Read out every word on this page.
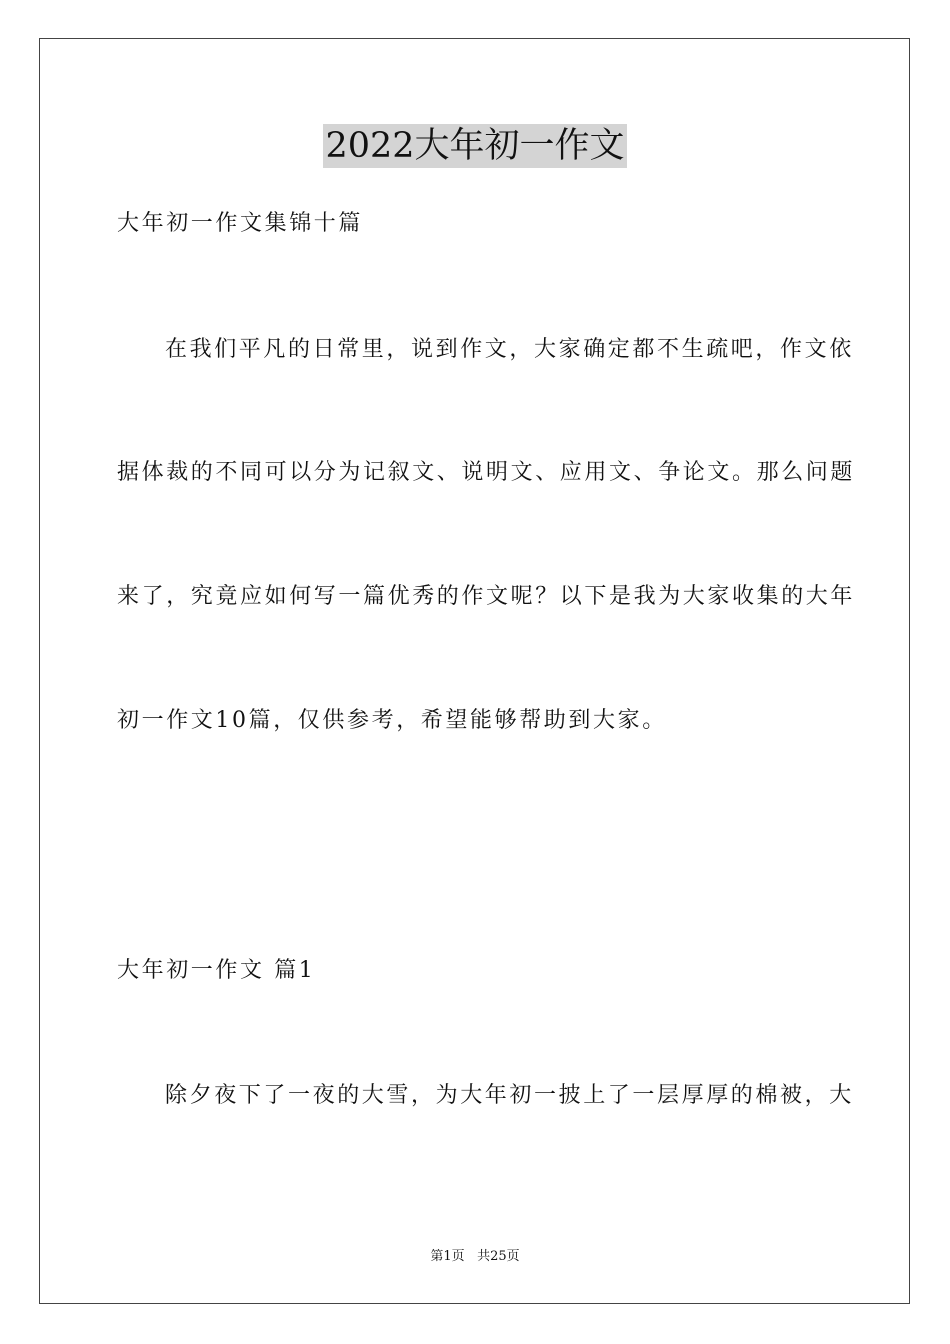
2022大年初一作文
大年初一作文集锦十篇
在我们平凡的日常里，说到作文，大家确定都不生疏吧，作文依
据体裁的不同可以分为记叙文、说明文、应用文、争论文。那么问题
来了，究竟应如何写一篇优秀的作文呢？以下是我为大家收集的大年
初一作文10篇，仅供参考，希望能够帮助到大家。
大年初一作文 篇1
除夕夜下了一夜的大雪，为大年初一披上了一层厚厚的棉被，大
第1页 共25页
